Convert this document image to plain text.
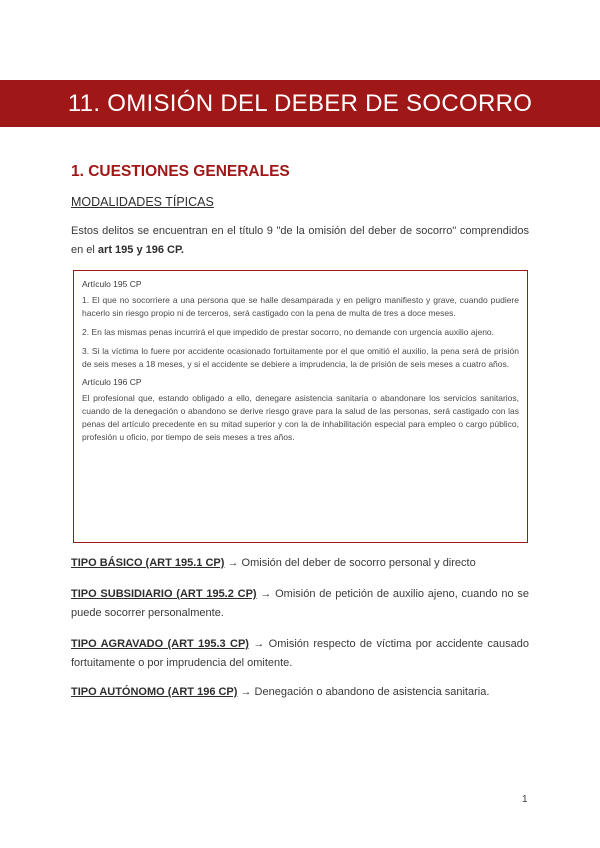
11. OMISIÓN DEL DEBER DE SOCORRO
1. CUESTIONES GENERALES
MODALIDADES TÍPICAS
Estos delitos se encuentran en el título 9 "de la omisión del deber de socorro" comprendidos en el art 195 y 196 CP.

Artículo 195 CP

1. El que no socorriere a una persona que se halle desamparada y en peligro manifiesto y grave, cuando pudiere hacerlo sin riesgo propio ni de terceros, será castigado con la pena de multa de tres a doce meses.

2. En las mismas penas incurrirá el que impedido de prestar socorro, no demande con urgencia auxilio ajeno.

3. Si la víctima lo fuere por accidente ocasionado fortuitamente por el que omitió el auxilio, la pena será de prisión de seis meses a 18 meses, y si el accidente se debiere a imprudencia, la de prisión de seis meses a cuatro años.

Artículo 196 CP

El profesional que, estando obligado a ello, denegare asistencia sanitaria o abandonare los servicios sanitarios, cuando de la denegación o abandono se derive riesgo grave para la salud de las personas, será castigado con las penas del artículo precedente en su mitad superior y con la de inhabilitación especial para empleo o cargo público, profesión u oficio, por tiempo de seis meses a tres años.

TIPO BÁSICO (ART 195.1 CP) → Omisión del deber de socorro personal y directo
TIPO SUBSIDIARIO (ART 195.2 CP) → Omisión de petición de auxilio ajeno, cuando no se puede socorrer personalmente.
TIPO AGRAVADO (ART 195.3 CP) → Omisión respecto de víctima por accidente causado fortuitamente o por imprudencia del omitente.
TIPO AUTÓNOMO (ART 196 CP) → Denegación o abandono de asistencia sanitaria.
1
